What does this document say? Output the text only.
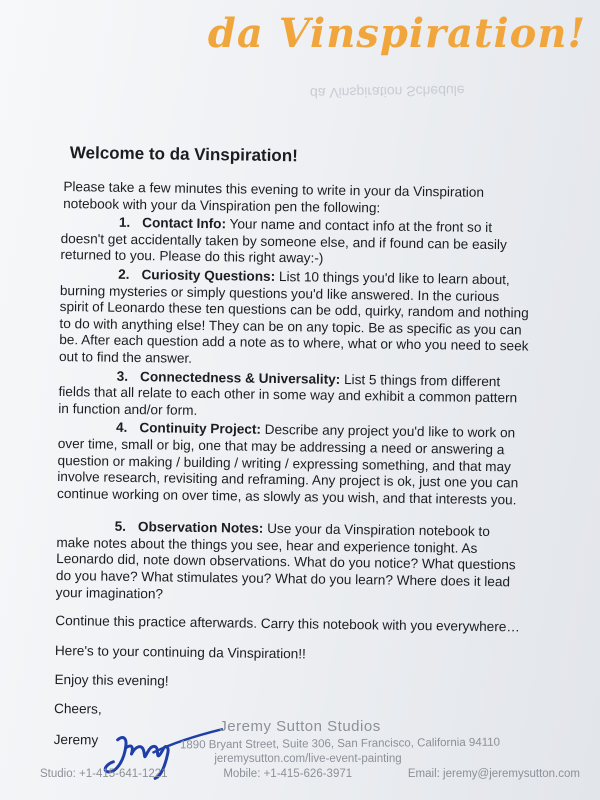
da Vinspiration!
da Vinspiration Schedule
Welcome to da Vinspiration!
Please take a few minutes this evening to write in your da Vinspiration notebook with your da Vinspiration pen the following:
1. Contact Info: Your name and contact info at the front so it doesn't get accidentally taken by someone else, and if found can be easily returned to you. Please do this right away:-)
2. Curiosity Questions: List 10 things you'd like to learn about, burning mysteries or simply questions you'd like answered. In the curious spirit of Leonardo these ten questions can be odd, quirky, random and nothing to do with anything else! They can be on any topic. Be as specific as you can be. After each question add a note as to where, what or who you need to seek out to find the answer.
3. Connectedness & Universality: List 5 things from different fields that all relate to each other in some way and exhibit a common pattern in function and/or form.
4. Continuity Project: Describe any project you'd like to work on over time, small or big, one that may be addressing a need or answering a question or making / building / writing / expressing something, and that may involve research, revisiting and reframing. Any project is ok, just one you can continue working on over time, as slowly as you wish, and that interests you.
5. Observation Notes: Use your da Vinspiration notebook to make notes about the things you see, hear and experience tonight. As Leonardo did, note down observations. What do you notice? What questions do you have? What stimulates you? What do you learn? Where does it lead your imagination?
Continue this practice afterwards. Carry this notebook with you everywhere…
Here's to your continuing da Vinspiration!!
Enjoy this evening!
Cheers,
Jeremy
Jeremy Sutton Studios
1890 Bryant Street, Suite 306, San Francisco, California 94110
jeremysutton.com/live-event-painting
Studio: +1-415-641-1221	Mobile: +1-415-626-3971	Email: jeremy@jeremysutton.com
